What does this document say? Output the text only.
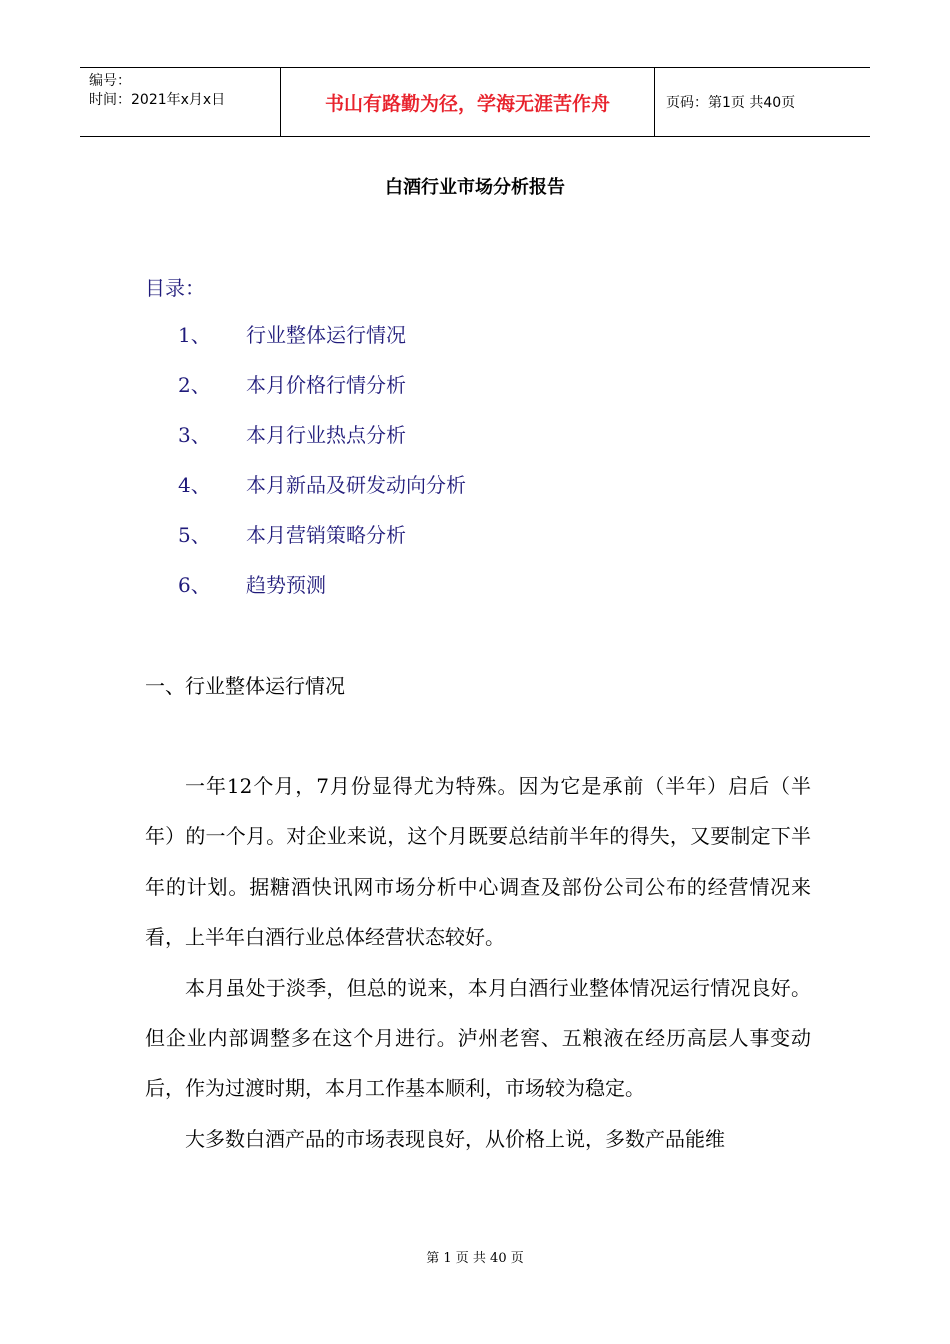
编号：
时间：2021年x月x日	书山有路勤为径，学海无涯苦作舟	页码：第1页 共40页
白酒行业市场分析报告
目录：
1、	行业整体运行情况
2、	本月价格行情分析
3、	本月行业热点分析
4、	本月新品及研发动向分析
5、	本月营销策略分析
6、	趋势预测
一、行业整体运行情况

一年12个月，7月份显得尤为特殊。因为它是承前（半年）启后（半年）的一个月。对企业来说，这个月既要总结前半年的得失，又要制定下半年的计划。据糖酒快讯网市场分析中心调查及部份公司公布的经营情况来看，上半年白酒行业总体经营状态较好。

本月虽处于淡季，但总的说来，本月白酒行业整体情况运行情况良好。但企业内部调整多在这个月进行。泸州老窖、五粮液在经历高层人事变动后，作为过渡时期，本月工作基本顺利，市场较为稳定。

大多数白酒产品的市场表现良好，从价格上说，多数产品能维

第 1 页 共 40 页
